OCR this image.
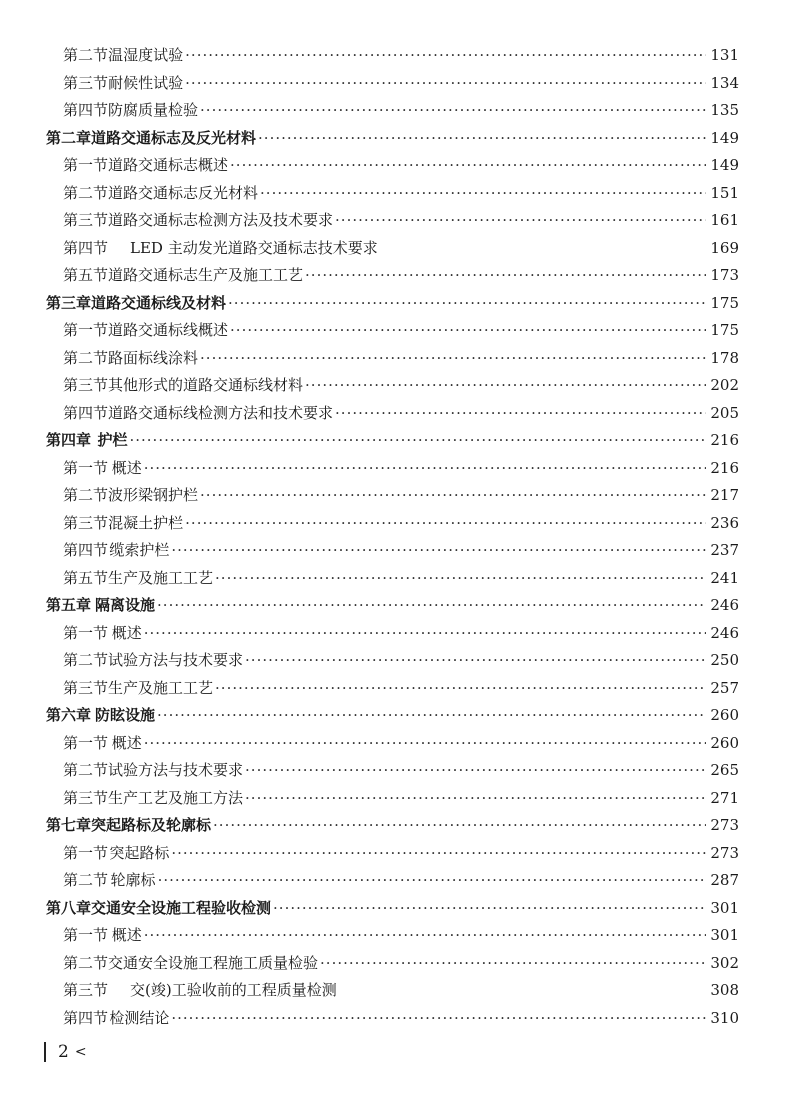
第二节 温湿度试验 ·····	131
第三节 耐候性试验 ·····	134
第四节 防腐质量检验 ·····	135
第二章 道路交通标志及反光材料 ·····	149
第一节 道路交通标志概述 ·····	149
第二节 道路交通标志反光材料 ·····	151
第三节 道路交通标志检测方法及技术要求 ·····	161
第四节	LED 主动发光道路交通标志技术要求	169
第五节 道路交通标志生产及施工工艺 ·····	173
第三章 道路交通标线及材料 ·····	175
第一节 道路交通标线概述 ·····	175
第二节 路面标线涂料 ·····	178
第三节 其他形式的道路交通标线材料 ·····	202
第四节 道路交通标线检测方法和技术要求 ·····	205
第四章 护栏 ·····	216
第一节 概述 ·····	216
第二节 波形梁钢护栏 ·····	217
第三节 混凝土护栏 ·····	236
第四节 缆索护栏 ·····	237
第五节 生产及施工工艺 ·····	241
第五章 隔离设施 ·····	246
第一节 概述 ·····	246
第二节 试验方法与技术要求 ·····	250
第三节 生产及施工工艺 ·····	257
第六章 防眩设施 ·····	260
第一节 概述 ·····	260
第二节 试验方法与技术要求 ·····	265
第三节 生产工艺及施工方法 ·····	271
第七章 突起路标及轮廓标 ·····	273
第一节 突起路标 ·····	273
第二节 轮廓标 ·····	287
第八章 交通安全设施工程验收检测 ·····	301
第一节 概述 ·····	301
第二节 交通安全设施工程施工质量检验 ·····	302
第三节	交(竣)工验收前的工程质量检测	308
第四节 检测结论 ·····	310
2 <
